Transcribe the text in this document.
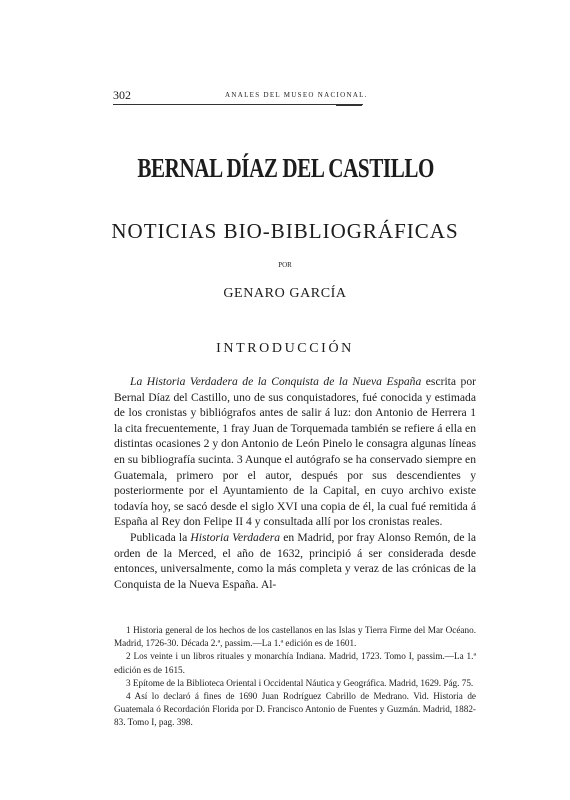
302	ANALES DEL MUSEO NACIONAL.
BERNAL DÍAZ DEL CASTILLO
NOTICIAS BIO-BIBLIOGRÁFICAS
POR
GENARO GARCÍA
INTRODUCCIÓN

La Historia Verdadera de la Conquista de la Nueva España escrita por Bernal Díaz del Castillo, uno de sus conquistadores, fué conocida y estimada de los cronistas y bibliógrafos antes de salir á luz: don Antonio de Herrera 1 la cita frecuentemente, 1 fray Juan de Torquemada también se refiere á ella en distintas ocasiones 2 y don Antonio de León Pinelo le consagra algunas líneas en su bibliografía sucinta. 3 Aunque el autógrafo se ha conservado siempre en Guatemala, primero por el autor, después por sus descendientes y posteriormente por el Ayuntamiento de la Capital, en cuyo archivo existe todavía hoy, se sacó desde el siglo XVI una copia de él, la cual fué remitida á España al Rey don Felipe II 4 y consultada allí por los cronistas reales.

Publicada la Historia Verdadera en Madrid, por fray Alonso Remón, de la orden de la Merced, el año de 1632, principió á ser considerada desde entonces, universalmente, como la más completa y veraz de las crónicas de la Conquista de la Nueva España. Al-

1 Historia general de los hechos de los castellanos en las Islas y Tierra Firme del Mar Océano. Madrid, 1726-30. Década 2.ª, passim.—La 1.ª edición es de 1601.

2 Los veinte i un libros rituales y monarchía Indiana. Madrid, 1723. Tomo I, passim.—La 1.ª edición es de 1615.

3 Epítome de la Biblioteca Oriental i Occidental Náutica y Geográfica. Madrid, 1629. Pág. 75.

4 Así lo declaró á fines de 1690 Juan Rodríguez Cabrillo de Medrano. Vid. Historia de Guatemala ó Recordación Florida por D. Francisco Antonio de Fuentes y Guzmán. Madrid, 1882-83. Tomo I, pag. 398.
